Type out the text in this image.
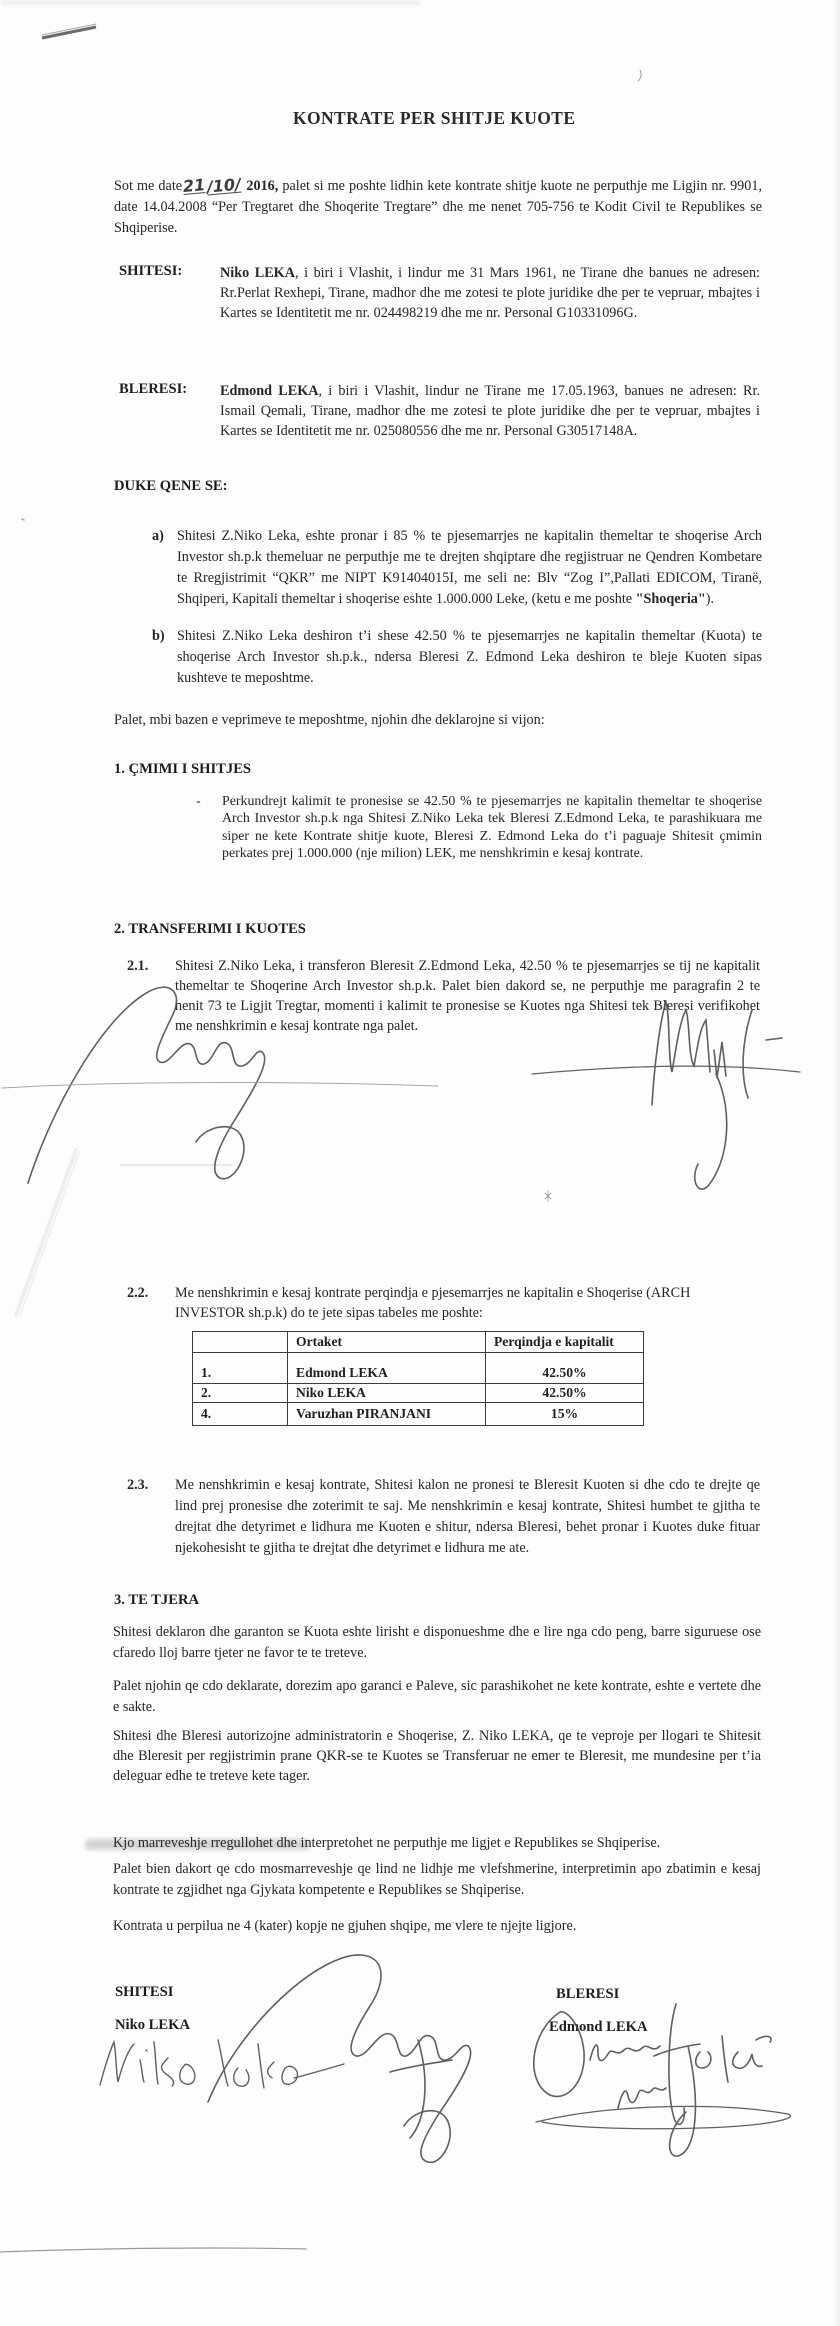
KONTRATE PER SHITJE KUOTE
Sot me date21/10/ 2016, palet si me poshte lidhin kete kontrate shitje kuote ne perputhje me Ligjin nr. 9901, date 14.04.2008 “Per Tregtaret dhe Shoqerite Tregtare” dhe me nenet 705-756 te Kodit Civil te Republikes se Shqiperise.
SHITESI:	Niko LEKA, i biri i Vlashit, i lindur me 31 Mars 1961, ne Tirane dhe banues ne adresen: Rr.Perlat Rexhepi, Tirane, madhor dhe me zotesi te plote juridike dhe per te vepruar, mbajtes i Kartes se Identitetit me nr. 024498219 dhe me nr. Personal G10331096G.
BLERESI: Edmond LEKA, i biri i Vlashit, lindur ne Tirane me 17.05.1963, banues ne adresen: Rr. Ismail Qemali, Tirane, madhor dhe me zotesi te plote juridike dhe per te vepruar, mbajtes i Kartes se Identitetit me nr. 025080556 dhe me nr. Personal G30517148A.
DUKE QENE SE:
a) Shitesi Z.Niko Leka, eshte pronar i 85 % te pjesemarrjes ne kapitalin themeltar te shoqerise Arch Investor sh.p.k themeluar ne perputhje me te drejten shqiptare dhe regjistruar ne Qendren Kombetare te Rregjistrimit “QKR” me NIPT K91404015I, me seli ne: Blv “Zog I”,Pallati EDICOM, Tiranë, Shqiperi, Kapitali themeltar i shoqerise eshte 1.000.000 Leke, (ketu e me poshte "Shoqeria").
b) Shitesi Z.Niko Leka deshiron t’i shese 42.50 % te pjesemarrjes ne kapitalin themeltar (Kuota) te shoqerise Arch Investor sh.p.k., ndersa Bleresi Z. Edmond Leka deshiron te bleje Kuoten sipas kushteve te meposhtme.
Palet, mbi bazen e veprimeve te meposhtme, njohin dhe deklarojne si vijon:
1. ÇMIMI I SHITJES
- Perkundrejt kalimit te pronesise se 42.50 % te pjesemarrjes ne kapitalin themeltar te shoqerise Arch Investor sh.p.k nga Shitesi Z.Niko Leka tek Bleresi Z.Edmond Leka, te parashikuara me siper ne kete Kontrate shitje kuote, Bleresi Z. Edmond Leka do t’i paguaje Shitesit çmimin perkates prej 1.000.000 (nje milion) LEK, me nenshkrimin e kesaj kontrate.
2. TRANSFERIMI I KUOTES
2.1. Shitesi Z.Niko Leka, i transferon Bleresit Z.Edmond Leka, 42.50 % te pjesemarrjes se tij ne kapitalit themeltar te Shoqerine Arch Investor sh.p.k. Palet bien dakord se, ne perputhje me paragrafin 2 te nenit 73 te Ligjit Tregtar, momenti i kalimit te pronesise se Kuotes nga Shitesi tek Bleresi verifikohet me nenshkrimin e kesaj kontrate nga palet.
2.2. Me nenshkrimin e kesaj kontrate perqindja e pjesemarrjes ne kapitalin e Shoqerise (ARCH INVESTOR sh.p.k) do te jete sipas tabeles me poshte:
	Ortaket	Perqindja e kapitalit
1.	Edmond LEKA	42.50%
2.	Niko LEKA	42.50%
4.	Varuzhan PIRANJANI	15%
2.3. Me nenshkrimin e kesaj kontrate, Shitesi kalon ne pronesi te Bleresit Kuoten si dhe cdo te drejte qe lind prej pronesise dhe zoterimit te saj. Me nenshkrimin e kesaj kontrate, Shitesi humbet te gjitha te drejtat dhe detyrimet e lidhura me Kuoten e shitur, ndersa Bleresi, behet pronar i Kuotes duke fituar njekohesisht te gjitha te drejtat dhe detyrimet e lidhura me ate.
3. TE TJERA
Shitesi deklaron dhe garanton se Kuota eshte lirisht e disponueshme dhe e lire nga cdo peng, barre siguruese ose cfaredo lloj barre tjeter ne favor te te treteve.
Palet njohin qe cdo deklarate, dorezim apo garanci e Paleve, sic parashikohet ne kete kontrate, eshte e vertete dhe e sakte.
Shitesi dhe Bleresi autorizojne administratorin e Shoqerise, Z. Niko LEKA, qe te veproje per llogari te Shitesit dhe Bleresit per regjistrimin prane QKR-se te Kuotes se Transferuar ne emer te Bleresit, me mundesine per t’ia deleguar edhe te treteve kete tager.
Kjo marreveshje rregullohet dhe interpretohet ne perputhje me ligjet e Republikes se Shqiperise.
Palet bien dakort qe cdo mosmarreveshje qe lind ne lidhje me vlefshmerine, interpretimin apo zbatimin e kesaj kontrate te zgjidhet nga Gjykata kompetente e Republikes se Shqiperise.
Kontrata u perpilua ne 4 (kater) kopje ne gjuhen shqipe, me vlere te njejte ligjore.
SHITESI
Niko LEKA
BLERESI
Edmond LEKA
